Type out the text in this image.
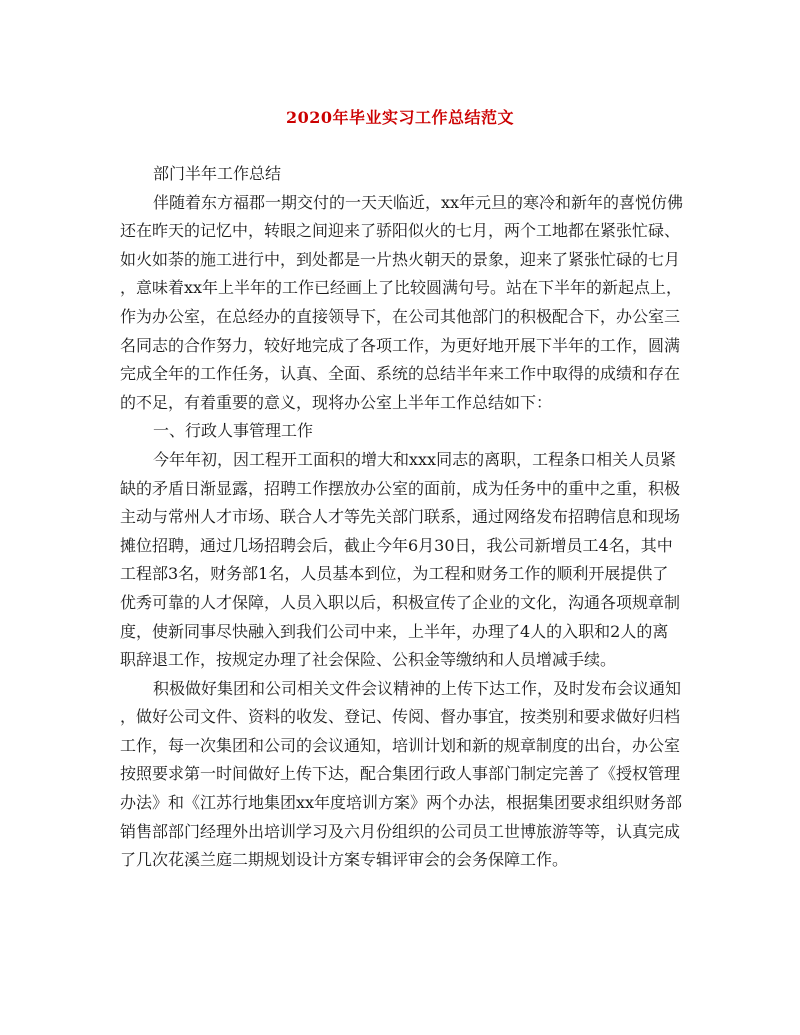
2020年毕业实习工作总结范文
部门半年工作总结
伴随着东方福郡一期交付的一天天临近，xx年元旦的寒冷和新年的喜悦仿佛
还在昨天的记忆中，转眼之间迎来了骄阳似火的七月，两个工地都在紧张忙碌、
如火如荼的施工进行中，到处都是一片热火朝天的景象，迎来了紧张忙碌的七月
，意味着xx年上半年的工作已经画上了比较圆满句号。站在下半年的新起点上，
作为办公室，在总经办的直接领导下，在公司其他部门的积极配合下，办公室三
名同志的合作努力，较好地完成了各项工作，为更好地开展下半年的工作，圆满
完成全年的工作任务，认真、全面、系统的总结半年来工作中取得的成绩和存在
的不足，有着重要的意义，现将办公室上半年工作总结如下：
一、行政人事管理工作
今年年初，因工程开工面积的增大和xxx同志的离职，工程条口相关人员紧
缺的矛盾日渐显露，招聘工作摆放办公室的面前，成为任务中的重中之重，积极
主动与常州人才市场、联合人才等先关部门联系，通过网络发布招聘信息和现场
摊位招聘，通过几场招聘会后，截止今年6月30日，我公司新增员工4名，其中
工程部3名，财务部1名，人员基本到位，为工程和财务工作的顺利开展提供了
优秀可靠的人才保障，人员入职以后，积极宣传了企业的文化，沟通各项规章制
度，使新同事尽快融入到我们公司中来，上半年，办理了4人的入职和2人的离
职辞退工作，按规定办理了社会保险、公积金等缴纳和人员增减手续。
积极做好集团和公司相关文件会议精神的上传下达工作，及时发布会议通知
，做好公司文件、资料的收发、登记、传阅、督办事宜，按类别和要求做好归档
工作，每一次集团和公司的会议通知，培训计划和新的规章制度的出台，办公室
按照要求第一时间做好上传下达，配合集团行政人事部门制定完善了《授权管理
办法》和《江苏行地集团xx年度培训方案》两个办法，根据集团要求组织财务部
销售部部门经理外出培训学习及六月份组织的公司员工世博旅游等等，认真完成
了几次花溪兰庭二期规划设计方案专辑评审会的会务保障工作。
